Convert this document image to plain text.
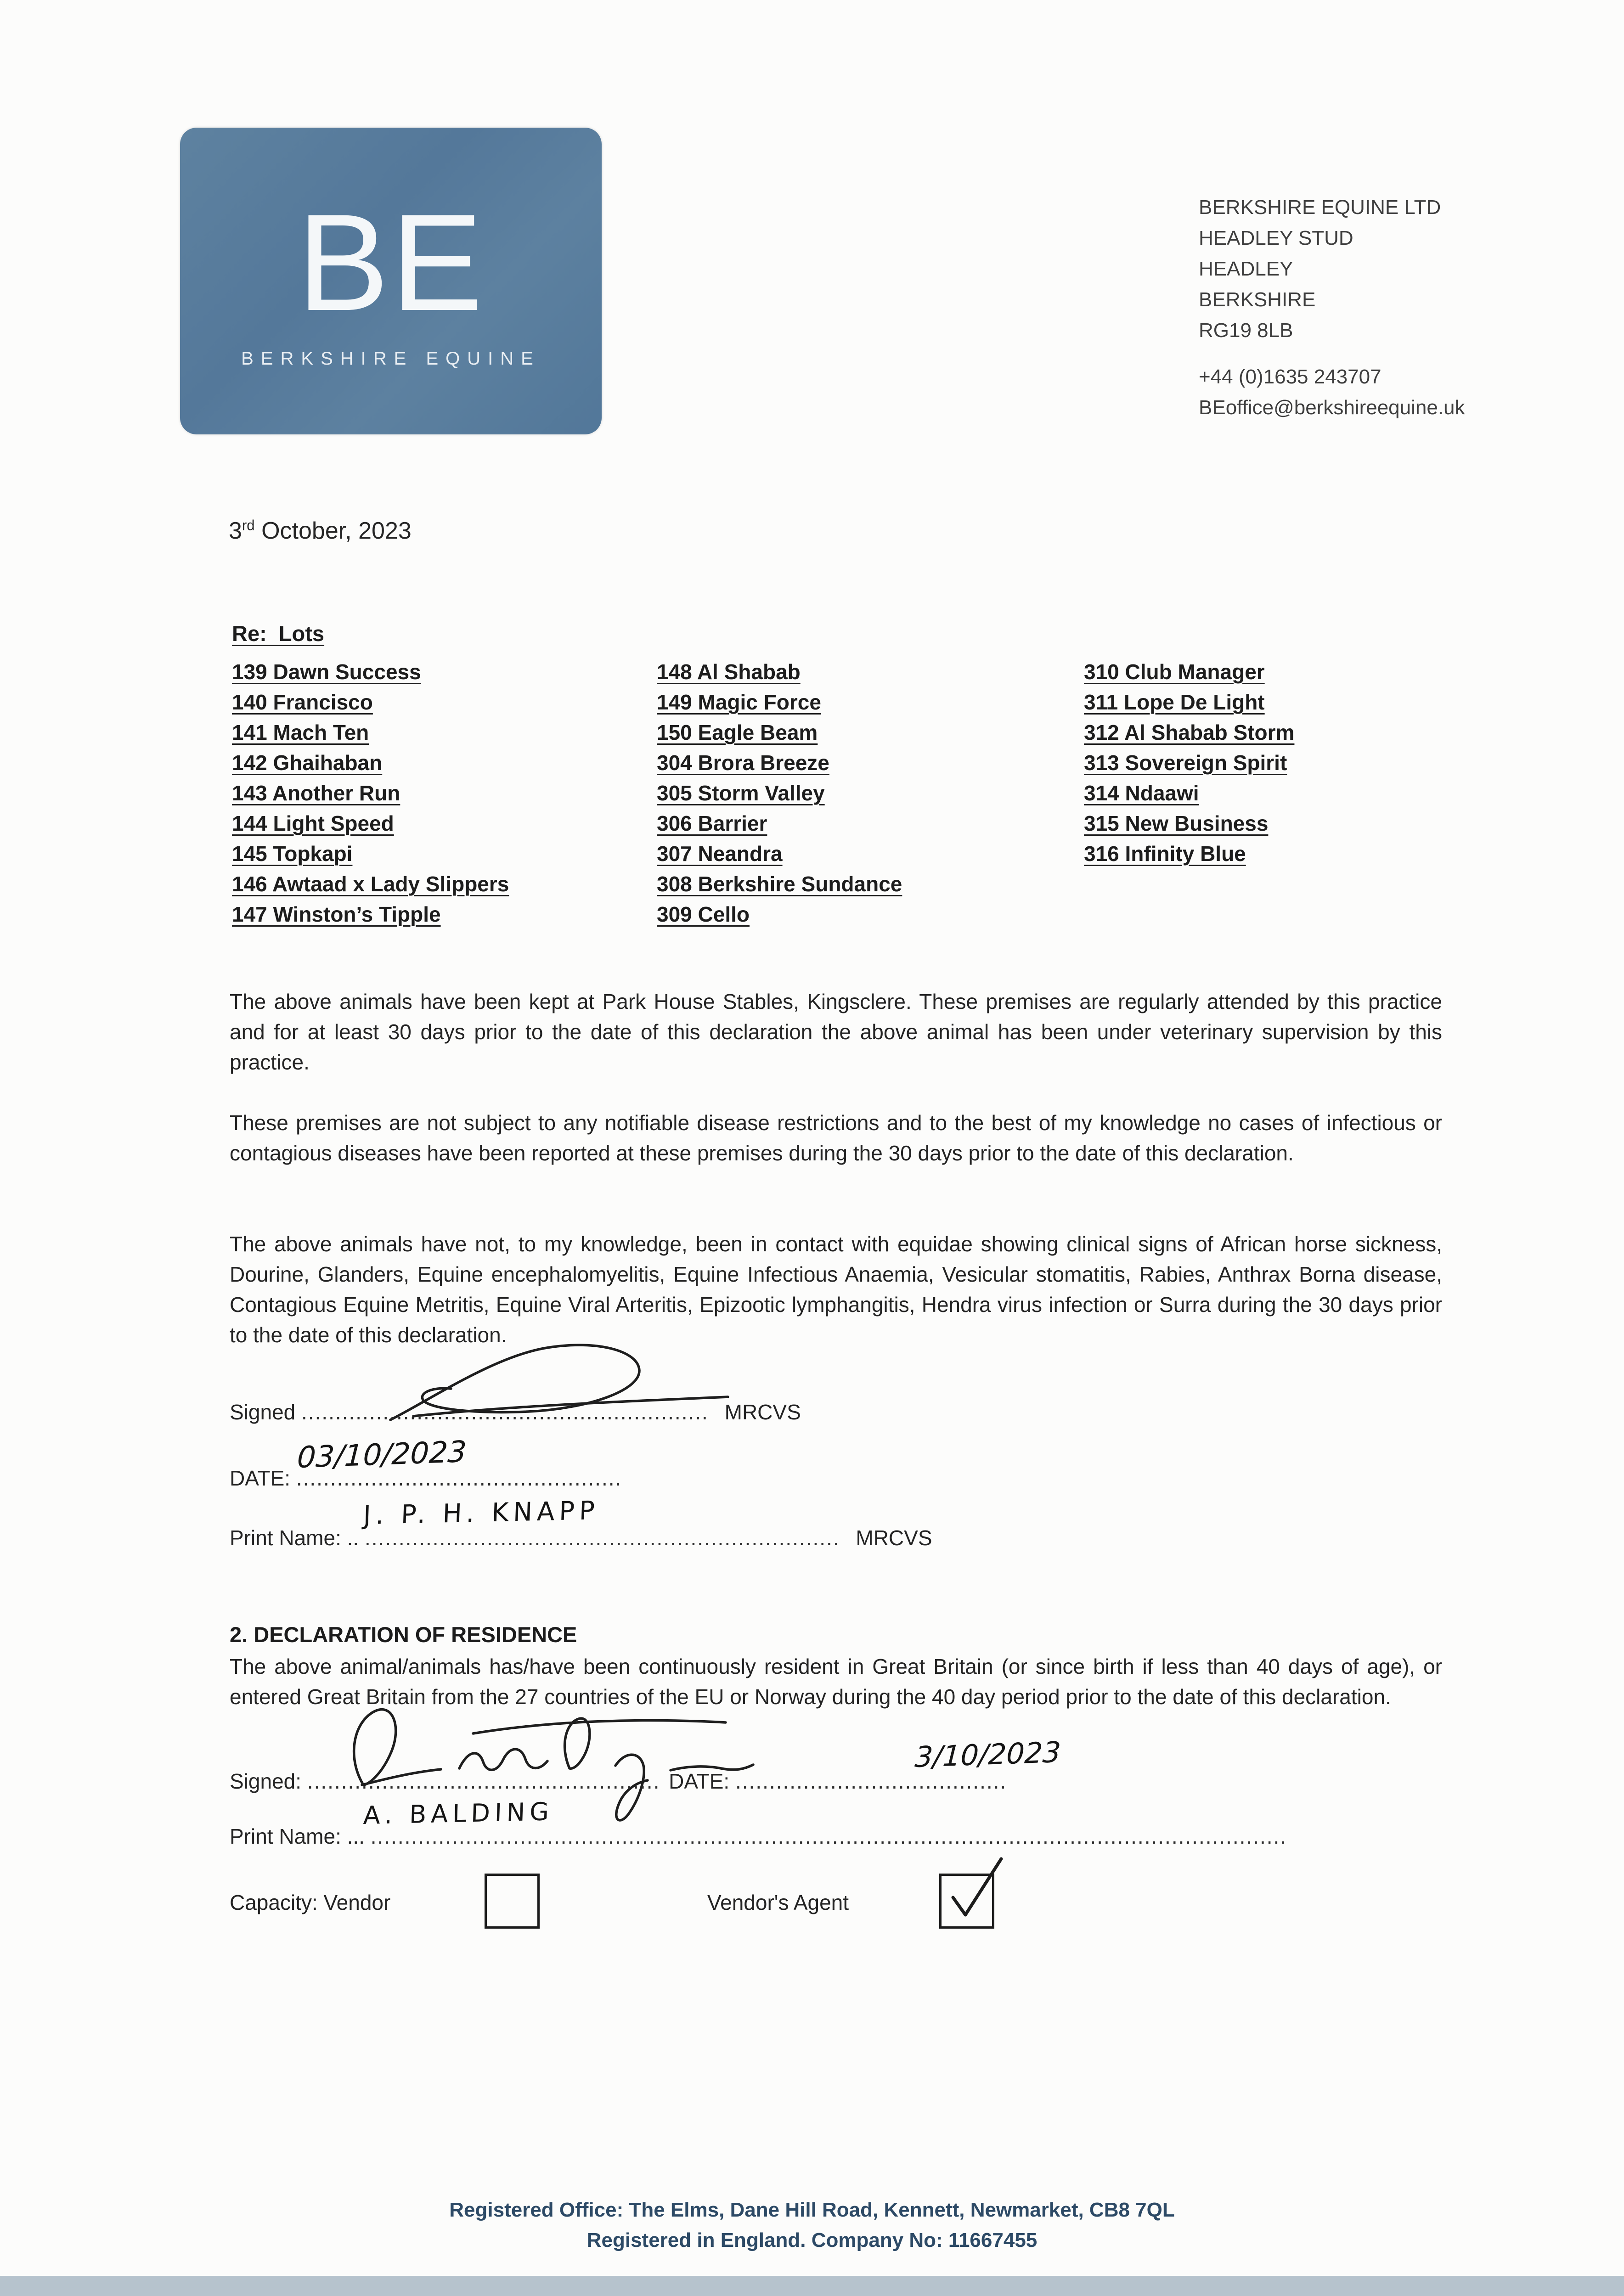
BE
BERKSHIRE EQUINE
BERKSHIRE EQUINE LTD
HEADLEY STUD
HEADLEY
BERKSHIRE
RG19 8LB
+44 (0)1635 243707
BEoffice@berkshireequine.uk
3rd October, 2023
Re:  Lots
139 Dawn Success
140 Francisco
141 Mach Ten
142 Ghaihaban
143 Another Run
144 Light Speed
145 Topkapi
146 Awtaad x Lady Slippers
147 Winston’s Tipple
148 Al Shabab
149 Magic Force
150 Eagle Beam
304 Brora Breeze
305 Storm Valley
306 Barrier
307 Neandra
308 Berkshire Sundance
309 Cello
310 Club Manager
311 Lope De Light
312 Al Shabab Storm
313 Sovereign Spirit
314 Ndaawi
315 New Business
316 Infinity Blue
The above animals have been kept at Park House Stables, Kingsclere. These premises are regularly attended by this practice and for at least 30 days prior to the date of this declaration the above animal has been under veterinary supervision by this practice.
These premises are not subject to any notifiable disease restrictions and to the best of my knowledge no cases of infectious or contagious diseases have been reported at these premises during the 30 days prior to the date of this declaration.
The above animals have not, to my knowledge, been in contact with equidae showing clinical signs of African horse sickness, Dourine, Glanders, Equine encephalomyelitis, Equine Infectious Anaemia, Vesicular stomatitis, Rabies, Anthrax Borna disease, Contagious Equine Metritis, Equine Viral Arteritis, Epizootic lymphangitis, Hendra virus infection or Surra during the 30 days prior to the date of this declaration.
Signed ............................................................ MRCVS
DATE: ................................................
03/10/2023
Print Name: .. ...................................................................... MRCVS
J. P. H. KNAPP
2. DECLARATION OF RESIDENCE
The above animal/animals has/have been continuously resident in Great Britain (or since birth if less than 40 days of age), or entered Great Britain from the 27 countries of the EU or Norway during the 40 day period prior to the date of this declaration.
Signed: .................................................... DATE: ........................................
3/10/2023
Print Name: ... .......................................................................................................................................
A. BALDING
Capacity: Vendor	Vendor's Agent
Registered Office: The Elms, Dane Hill Road, Kennett, Newmarket, CB8 7QL
Registered in England. Company No: 11667455
